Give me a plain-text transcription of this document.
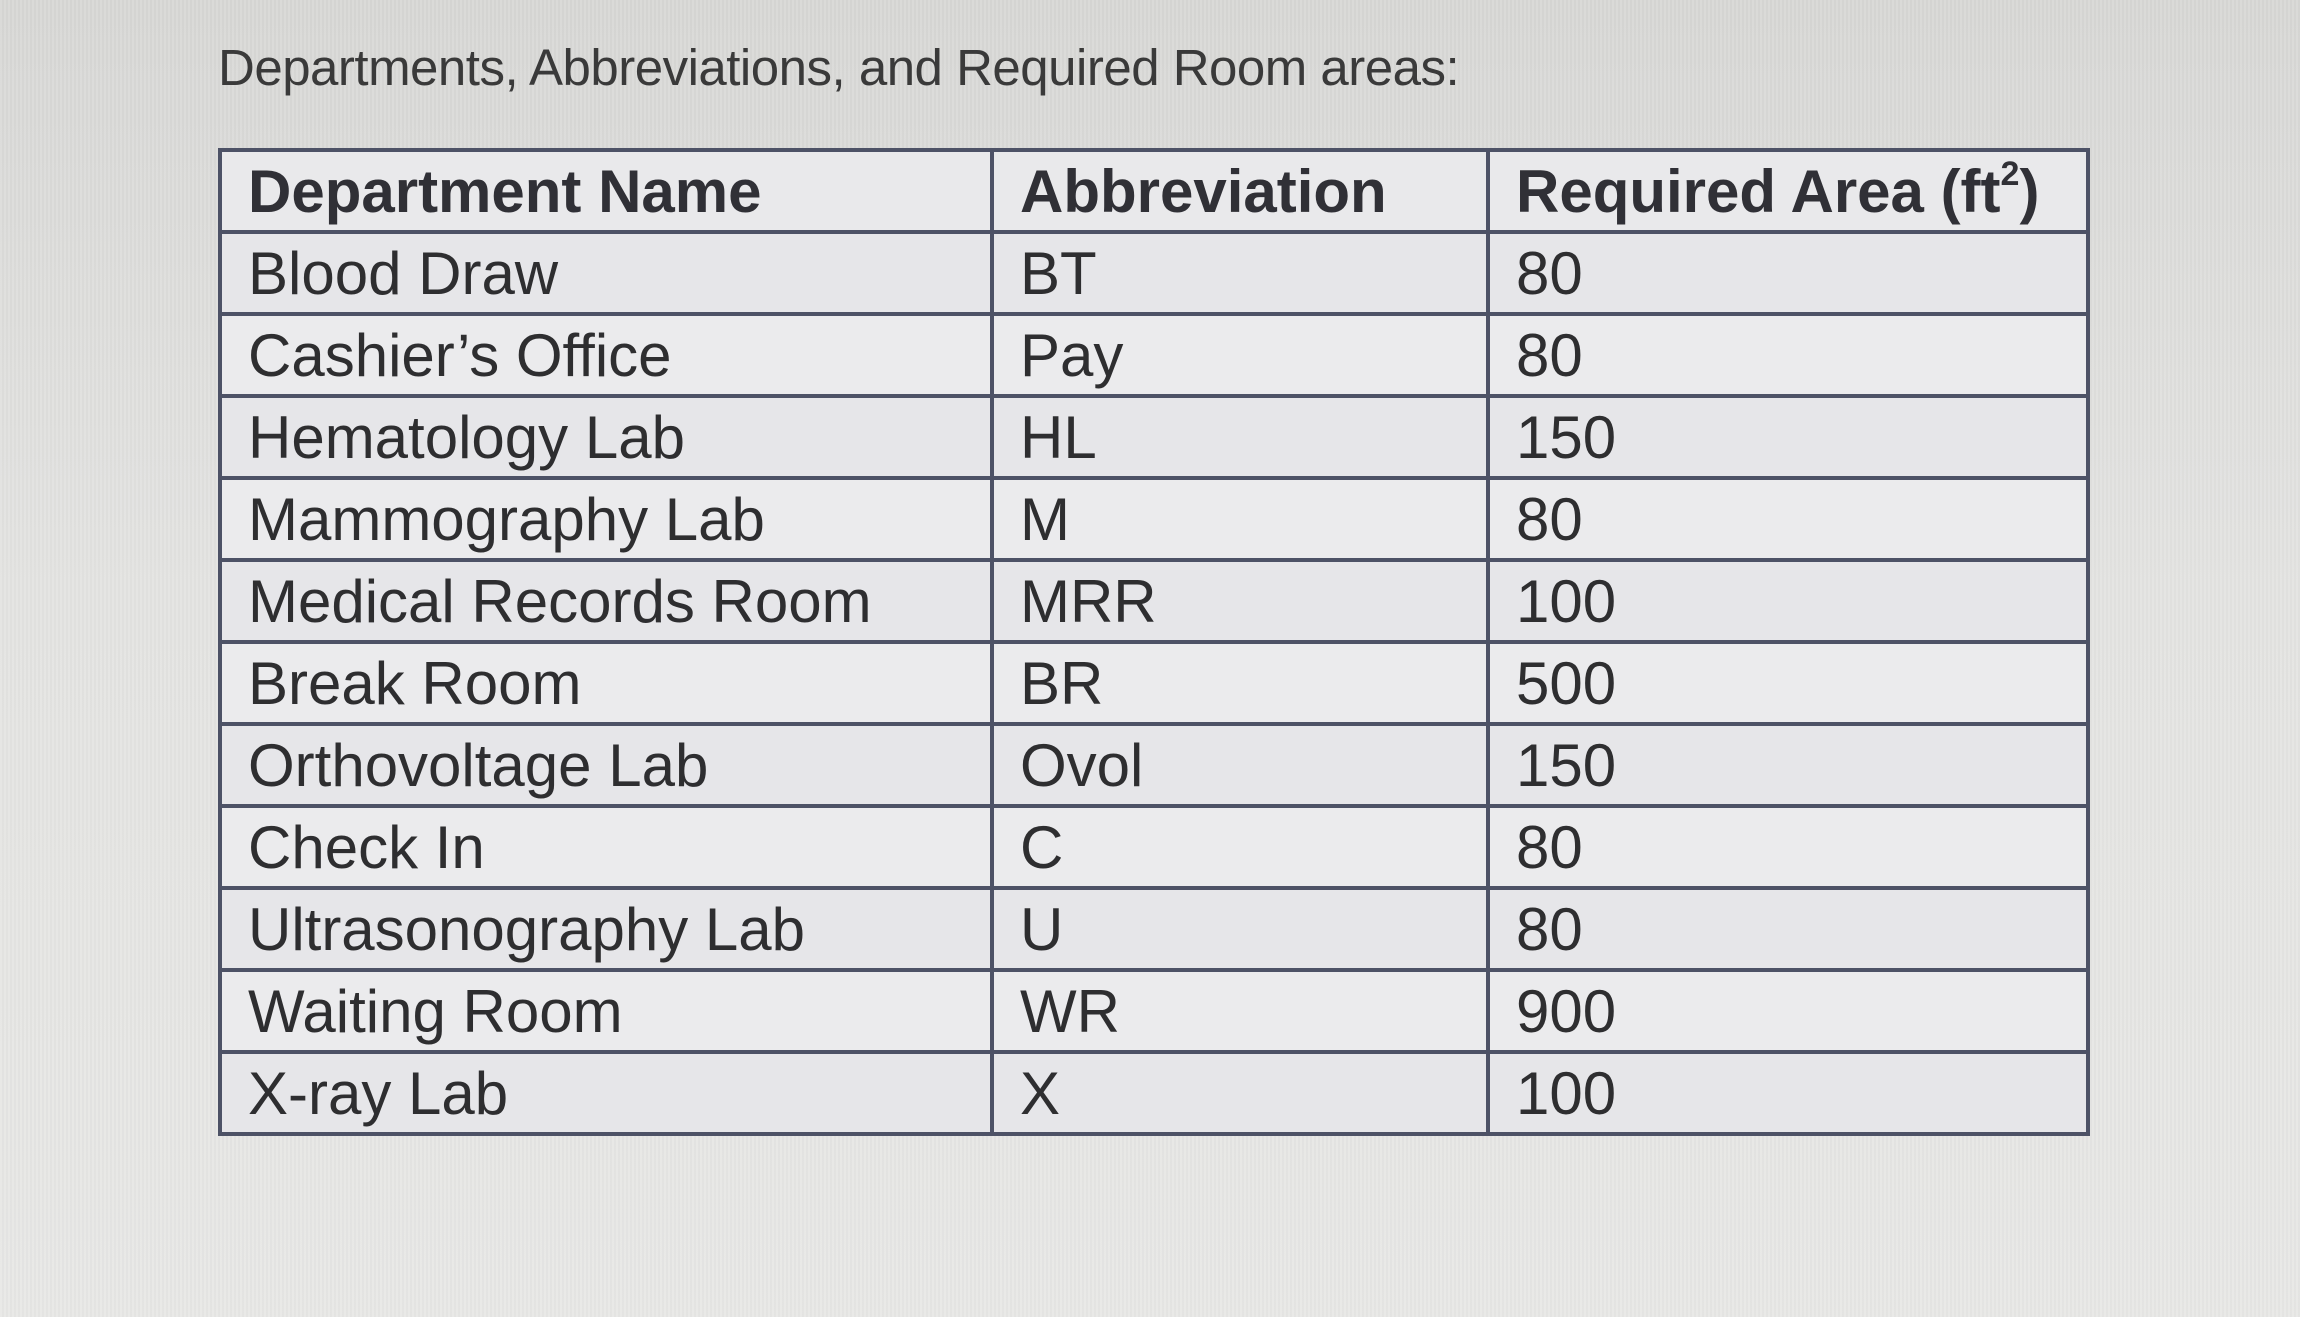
Departments, Abbreviations, and Required Room areas:
Department Name	Abbreviation	Required Area $(ft^2)$
Blood Draw	BT	80
Cashier’s Office	Pay	80
Hematology Lab	HL	150
Mammography Lab	M	80
Medical Records Room	MRR	100
Break Room	BR	500
Orthovoltage Lab	Ovol	150
Check In	C	80
Ultrasonography Lab	U	80
Waiting Room	WR	900
X-ray Lab	X	100
